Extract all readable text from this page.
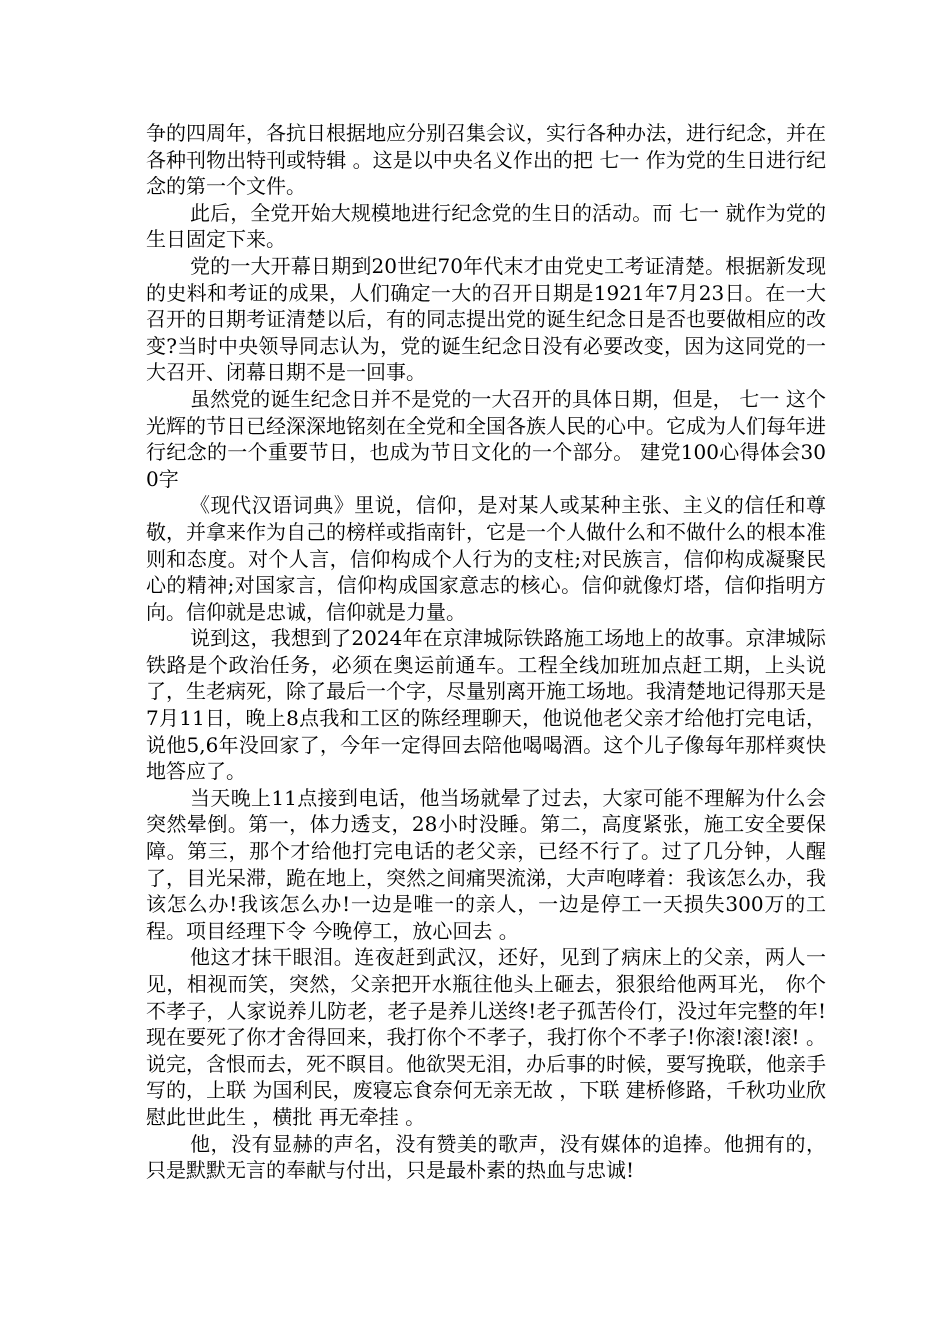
争的四周年，各抗日根据地应分别召集会议，实行各种办法，进行纪念，并在各种刊物出特刊或特辑 。这是以中央名义作出的把 七一 作为党的生日进行纪念的第一个文件。

此后，全党开始大规模地进行纪念党的生日的活动。而 七一 就作为党的生日固定下来。

党的一大开幕日期到20世纪70年代末才由党史工考证清楚。根据新发现的史料和考证的成果，人们确定一大的召开日期是1921年7月23日。在一大召开的日期考证清楚以后，有的同志提出党的诞生纪念日是否也要做相应的改变?当时中央领导同志认为，党的诞生纪念日没有必要改变，因为这同党的一大召开、闭幕日期不是一回事。

虽然党的诞生纪念日并不是党的一大召开的具体日期，但是， 七一 这个光辉的节日已经深深地铭刻在全党和全国各族人民的心中。它成为人们每年进行纪念的一个重要节日，也成为节日文化的一个部分。 建党100心得体会300字

《现代汉语词典》里说，信仰，是对某人或某种主张、主义的信任和尊敬，并拿来作为自己的榜样或指南针，它是一个人做什么和不做什么的根本准则和态度。对个人言，信仰构成个人行为的支柱;对民族言，信仰构成凝聚民心的精神;对国家言，信仰构成国家意志的核心。信仰就像灯塔，信仰指明方向。信仰就是忠诚，信仰就是力量。

说到这，我想到了2024年在京津城际铁路施工场地上的故事。京津城际铁路是个政治任务，必须在奥运前通车。工程全线加班加点赶工期，上头说了，生老病死，除了最后一个字，尽量别离开施工场地。我清楚地记得那天是7月11日，晚上8点我和工区的陈经理聊天，他说他老父亲才给他打完电话，说他5,6年没回家了，今年一定得回去陪他喝喝酒。这个儿子像每年那样爽快地答应了。

当天晚上11点接到电话，他当场就晕了过去，大家可能不理解为什么会突然晕倒。第一，体力透支，28小时没睡。第二，高度紧张，施工安全要保障。第三，那个才给他打完电话的老父亲，已经不行了。过了几分钟，人醒了，目光呆滞，跪在地上，突然之间痛哭流涕，大声咆哮着：我该怎么办，我该怎么办!我该怎么办!一边是唯一的亲人，一边是停工一天损失300万的工程。项目经理下令 今晚停工，放心回去 。

他这才抹干眼泪。连夜赶到武汉，还好，见到了病床上的父亲，两人一见，相视而笑，突然，父亲把开水瓶往他头上砸去，狠狠给他两耳光， 你个不孝子，人家说养儿防老，老子是养儿送终!老子孤苦伶仃，没过年完整的年!现在要死了你才舍得回来，我打你个不孝子，我打你个不孝子!你滚!滚!滚! 。说完，含恨而去，死不瞑目。他欲哭无泪，办后事的时候，要写挽联，他亲手写的，上联 为国利民，废寝忘食奈何无亲无故 ，下联 建桥修路，千秋功业欣慰此世此生 ，横批 再无牵挂 。

他，没有显赫的声名，没有赞美的歌声，没有媒体的追捧。他拥有的，只是默默无言的奉献与付出，只是最朴素的热血与忠诚!
